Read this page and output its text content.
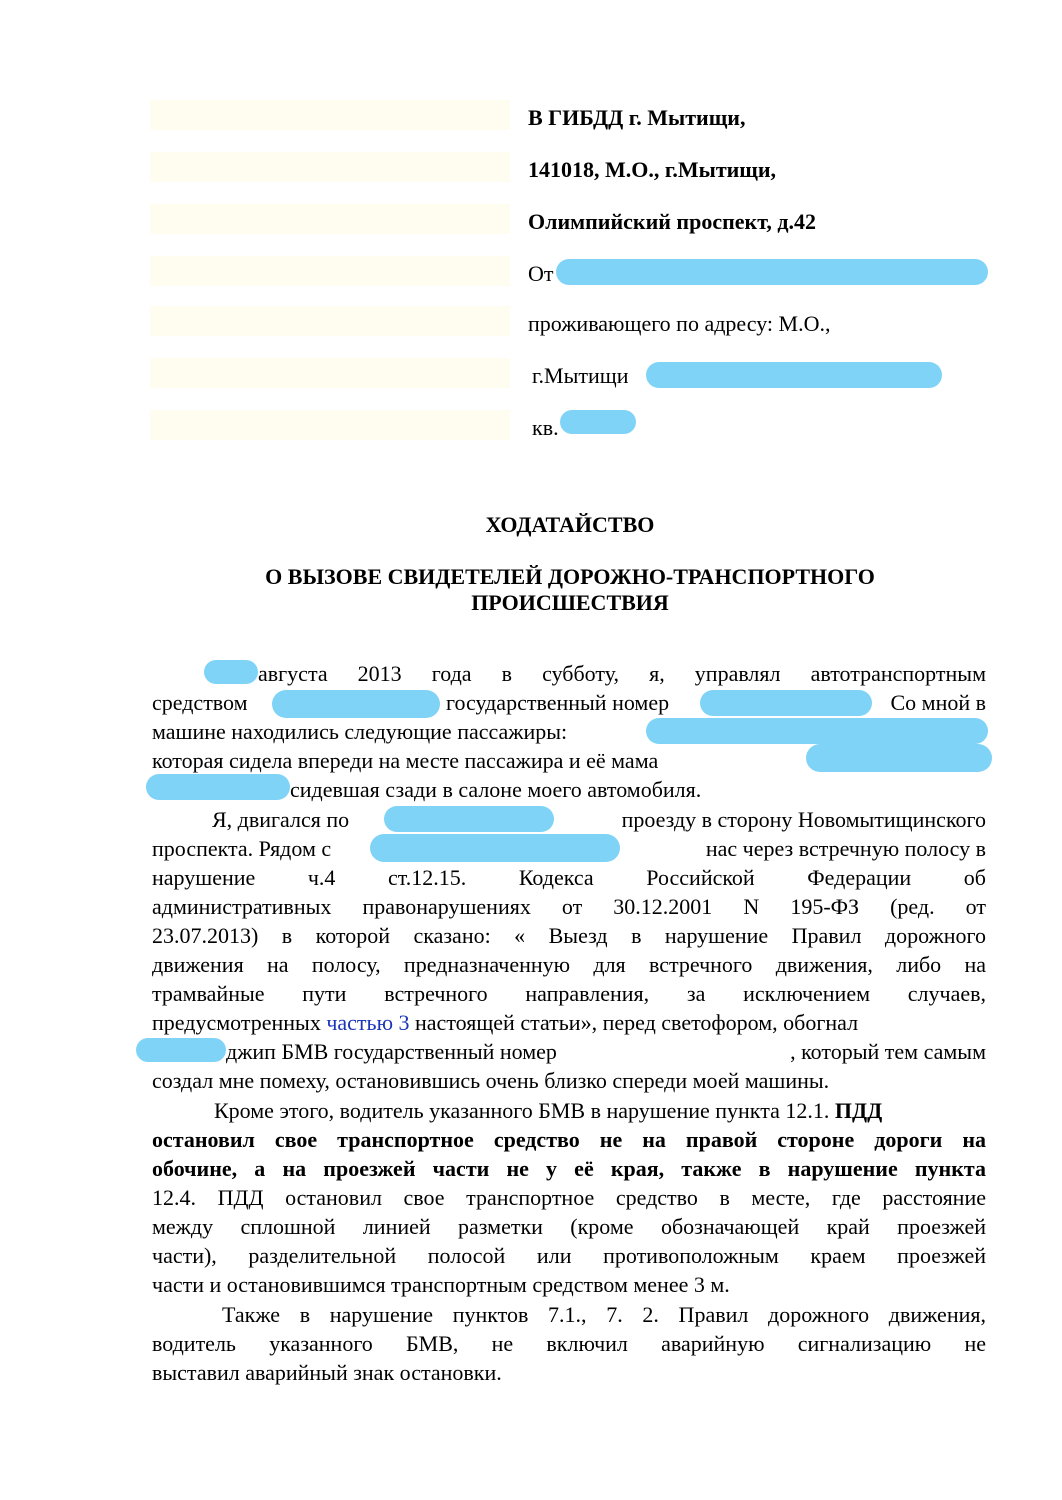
В ГИБДД г. Мытищи,
141018, М.О., г.Мытищи,
Олимпийский проспект, д.42
От
проживающего по адресу: М.О.,
г.Мытищи
кв.
ХОДАТАЙСТВО
О ВЫЗОВЕ СВИДЕТЕЛЕЙ ДОРОЖНО-ТРАНСПОРТНОГО
ПРОИСШЕСТВИЯ
августа 2013 года в субботу, я, управлял автотранспортным
средством	государственный номер	Со мной в
машине находились следующие пассажиры:
которая сидела впереди на месте пассажира и её мама
сидевшая сзади в салоне моего автомобиля.
Я, двигался по	проезду в сторону Новомытищинского
проспекта. Рядом с	нас через встречную полосу в
нарушение ч.4 ст.12.15. Кодекса Российской Федерации об
административных правонарушениях от 30.12.2001 N 195-ФЗ (ред. от
23.07.2013) в которой сказано: « Выезд в нарушение Правил дорожного
движения на полосу, предназначенную для встречного движения, либо на
трамвайные пути встречного направления, за исключением случаев,
предусмотренных частью 3 настоящей статьи», перед светофором, обогнал
джип БМВ государственный номер	, который тем самым
создал мне помеху, остановившись очень близко спереди моей машины.
Кроме этого, водитель указанного БМВ в нарушение пункта 12.1. ПДД
остановил свое транспортное средство не на правой стороне дороги на
обочине, а на проезжей части не у её края, также в нарушение пункта
12.4. ПДД остановил свое транспортное средство в месте, где расстояние
между сплошной линией разметки (кроме обозначающей край проезжей
части), разделительной полосой или противоположным краем проезжей
части и остановившимся транспортным средством менее 3 м.
Также в нарушение пунктов 7.1., 7. 2. Правил дорожного движения,
водитель указанного БМВ, не включил аварийную сигнализацию не
выставил аварийный знак остановки.
